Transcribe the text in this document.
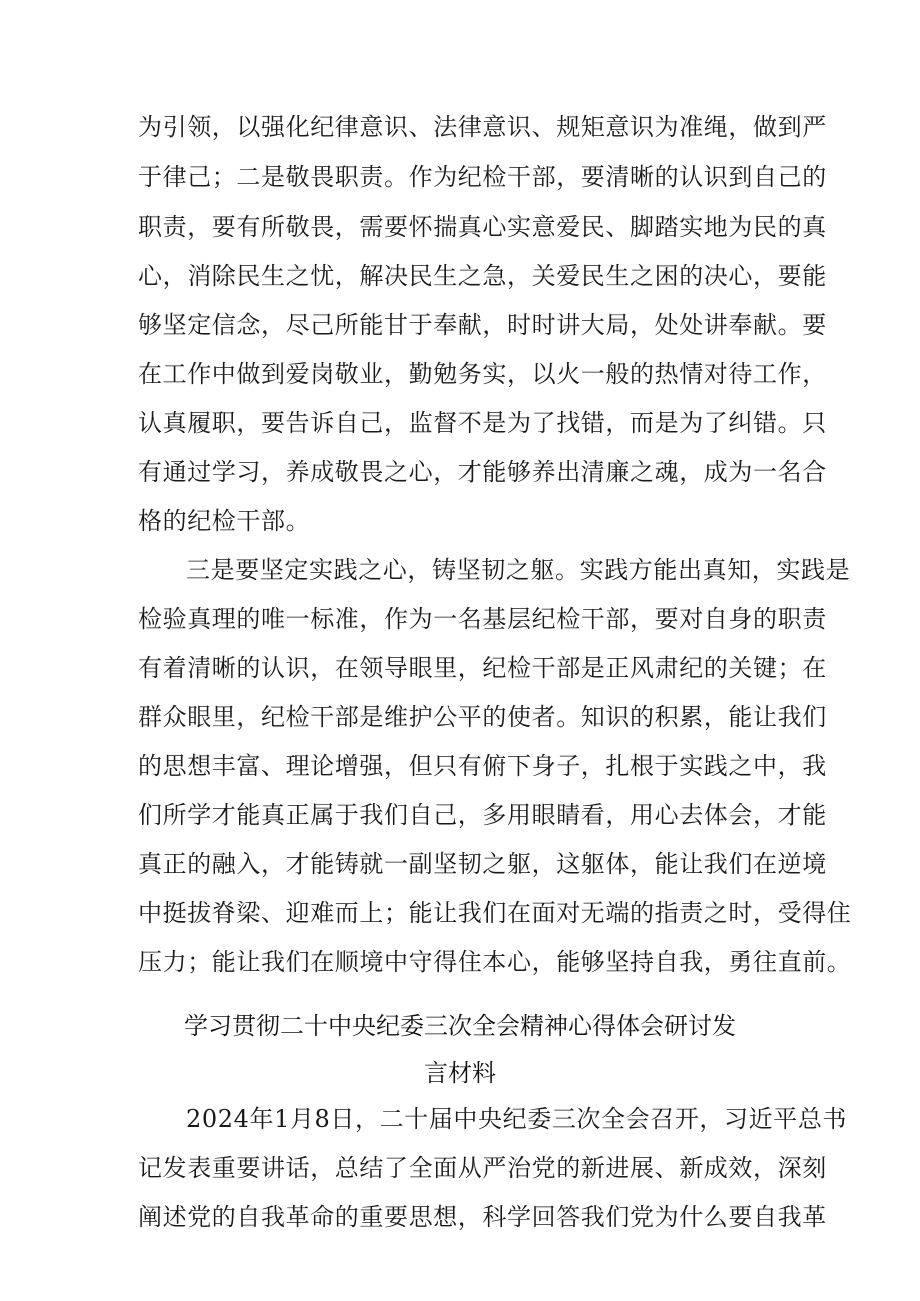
为引领，以强化纪律意识、法律意识、规矩意识为准绳，做到严
于律己；二是敬畏职责。作为纪检干部，要清晰的认识到自己的
职责，要有所敬畏，需要怀揣真心实意爱民、脚踏实地为民的真
心，消除民生之忧，解决民生之急，关爱民生之困的决心，要能
够坚定信念，尽己所能甘于奉献，时时讲大局，处处讲奉献。要
在工作中做到爱岗敬业，勤勉务实，以火一般的热情对待工作，
认真履职，要告诉自己，监督不是为了找错，而是为了纠错。只
有通过学习，养成敬畏之心，才能够养出清廉之魂，成为一名合
格的纪检干部。
三是要坚定实践之心，铸坚韧之躯。实践方能出真知，实践是
检验真理的唯一标准，作为一名基层纪检干部，要对自身的职责
有着清晰的认识，在领导眼里，纪检干部是正风肃纪的关键；在
群众眼里，纪检干部是维护公平的使者。知识的积累，能让我们
的思想丰富、理论增强，但只有俯下身子，扎根于实践之中，我
们所学才能真正属于我们自己，多用眼睛看，用心去体会，才能
真正的融入，才能铸就一副坚韧之躯，这躯体，能让我们在逆境
中挺拔脊梁、迎难而上；能让我们在面对无端的指责之时，受得住
压力；能让我们在顺境中守得住本心，能够坚持自我，勇往直前。
学习贯彻二十中央纪委三次全会精神心得体会研讨发
言材料
2024年1月8日，二十届中央纪委三次全会召开，习近平总书
记发表重要讲话，总结了全面从严治党的新进展、新成效，深刻
阐述党的自我革命的重要思想，科学回答我们党为什么要自我革
